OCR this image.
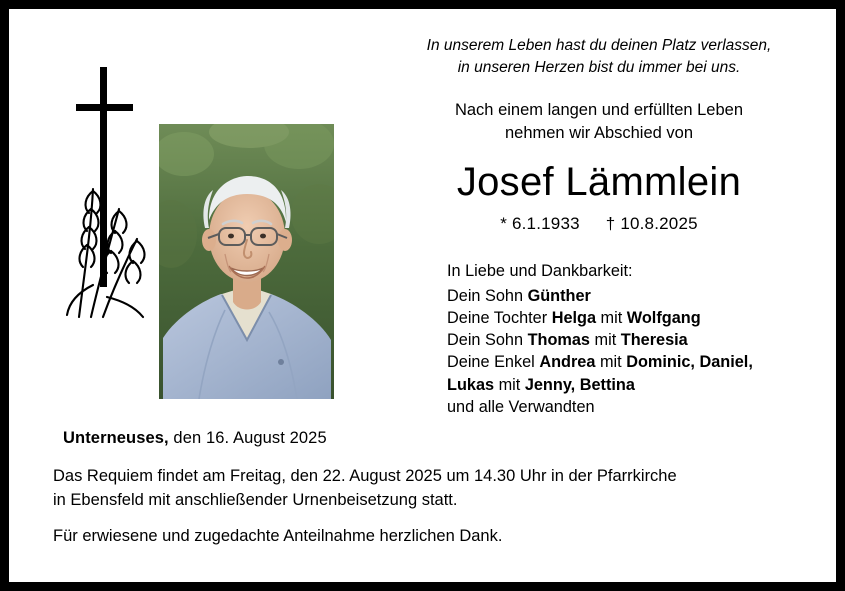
Unterneuses, den 16. August 2025

In unserem Leben hast du deinen Platz verlassen,
in unseren Herzen bist du immer bei uns.

Nach einem langen und erfüllten Leben
nehmen wir Abschied von

Josef Lämmlein
* 6.1.1933 † 10.8.2025
In Liebe und Dankbarkeit:
Dein Sohn Günther
Deine Tochter Helga mit Wolfgang
Dein Sohn Thomas mit Theresia
Deine Enkel Andrea mit Dominic, Daniel,
Lukas mit Jenny, Bettina
und alle Verwandten

Das Requiem findet am Freitag, den 22. August 2025 um 14.30 Uhr in der Pfarrkirche

in Ebensfeld mit anschließender Urnenbeisetzung statt.

Für erwiesene und zugedachte Anteilnahme herzlichen Dank.
